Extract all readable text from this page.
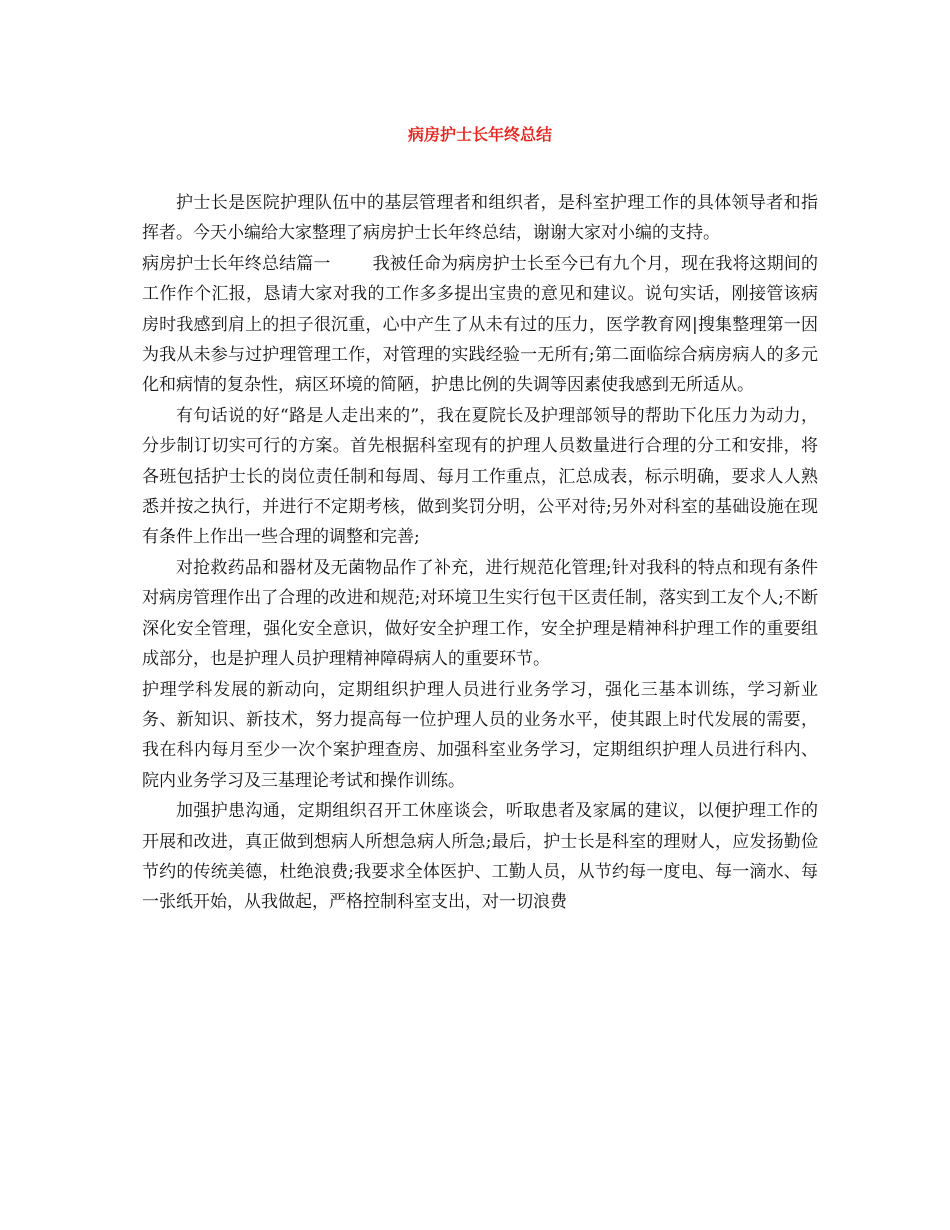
病房护士长年终总结

护士长是医院护理队伍中的基层管理者和组织者，是科室护理工作的具体领导者和指挥者。今天小编给大家整理了病房护士长年终总结，谢谢大家对小编的支持。

病房护士长年终总结篇一 我被任命为病房护士长至今已有九个月，现在我将这期间的工作作个汇报，恳请大家对我的工作多多提出宝贵的意见和建议。说句实话，刚接管该病房时我感到肩上的担子很沉重，心中产生了从未有过的压力，医学教育网|搜集整理第一因为我从未参与过护理管理工作，对管理的实践经验一无所有;第二面临综合病房病人的多元化和病情的复杂性，病区环境的简陋，护患比例的失调等因素使我感到无所适从。

有句话说的好“路是人走出来的”，我在夏院长及护理部领导的帮助下化压力为动力，分步制订切实可行的方案。首先根据科室现有的护理人员数量进行合理的分工和安排，将各班包括护士长的岗位责任制和每周、每月工作重点，汇总成表，标示明确，要求人人熟悉并按之执行，并进行不定期考核，做到奖罚分明，公平对待;另外对科室的基础设施在现有条件上作出一些合理的调整和完善;

对抢救药品和器材及无菌物品作了补充，进行规范化管理;针对我科的特点和现有条件对病房管理作出了合理的改进和规范;对环境卫生实行包干区责任制，落实到工友个人;不断深化安全管理，强化安全意识，做好安全护理工作，安全护理是精神科护理工作的重要组成部分，也是护理人员护理精神障碍病人的重要环节。

护理学科发展的新动向，定期组织护理人员进行业务学习，强化三基本训练，学习新业务、新知识、新技术，努力提高每一位护理人员的业务水平，使其跟上时代发展的需要，我在科内每月至少一次个案护理查房、加强科室业务学习，定期组织护理人员进行科内、院内业务学习及三基理论考试和操作训练。

加强护患沟通，定期组织召开工休座谈会，听取患者及家属的建议，以便护理工作的开展和改进，真正做到想病人所想急病人所急;最后，护士长是科室的理财人，应发扬勤俭节约的传统美德，杜绝浪费;我要求全体医护、工勤人员，从节约每一度电、每一滴水、每一张纸开始，从我做起，严格控制科室支出，对一切浪费
